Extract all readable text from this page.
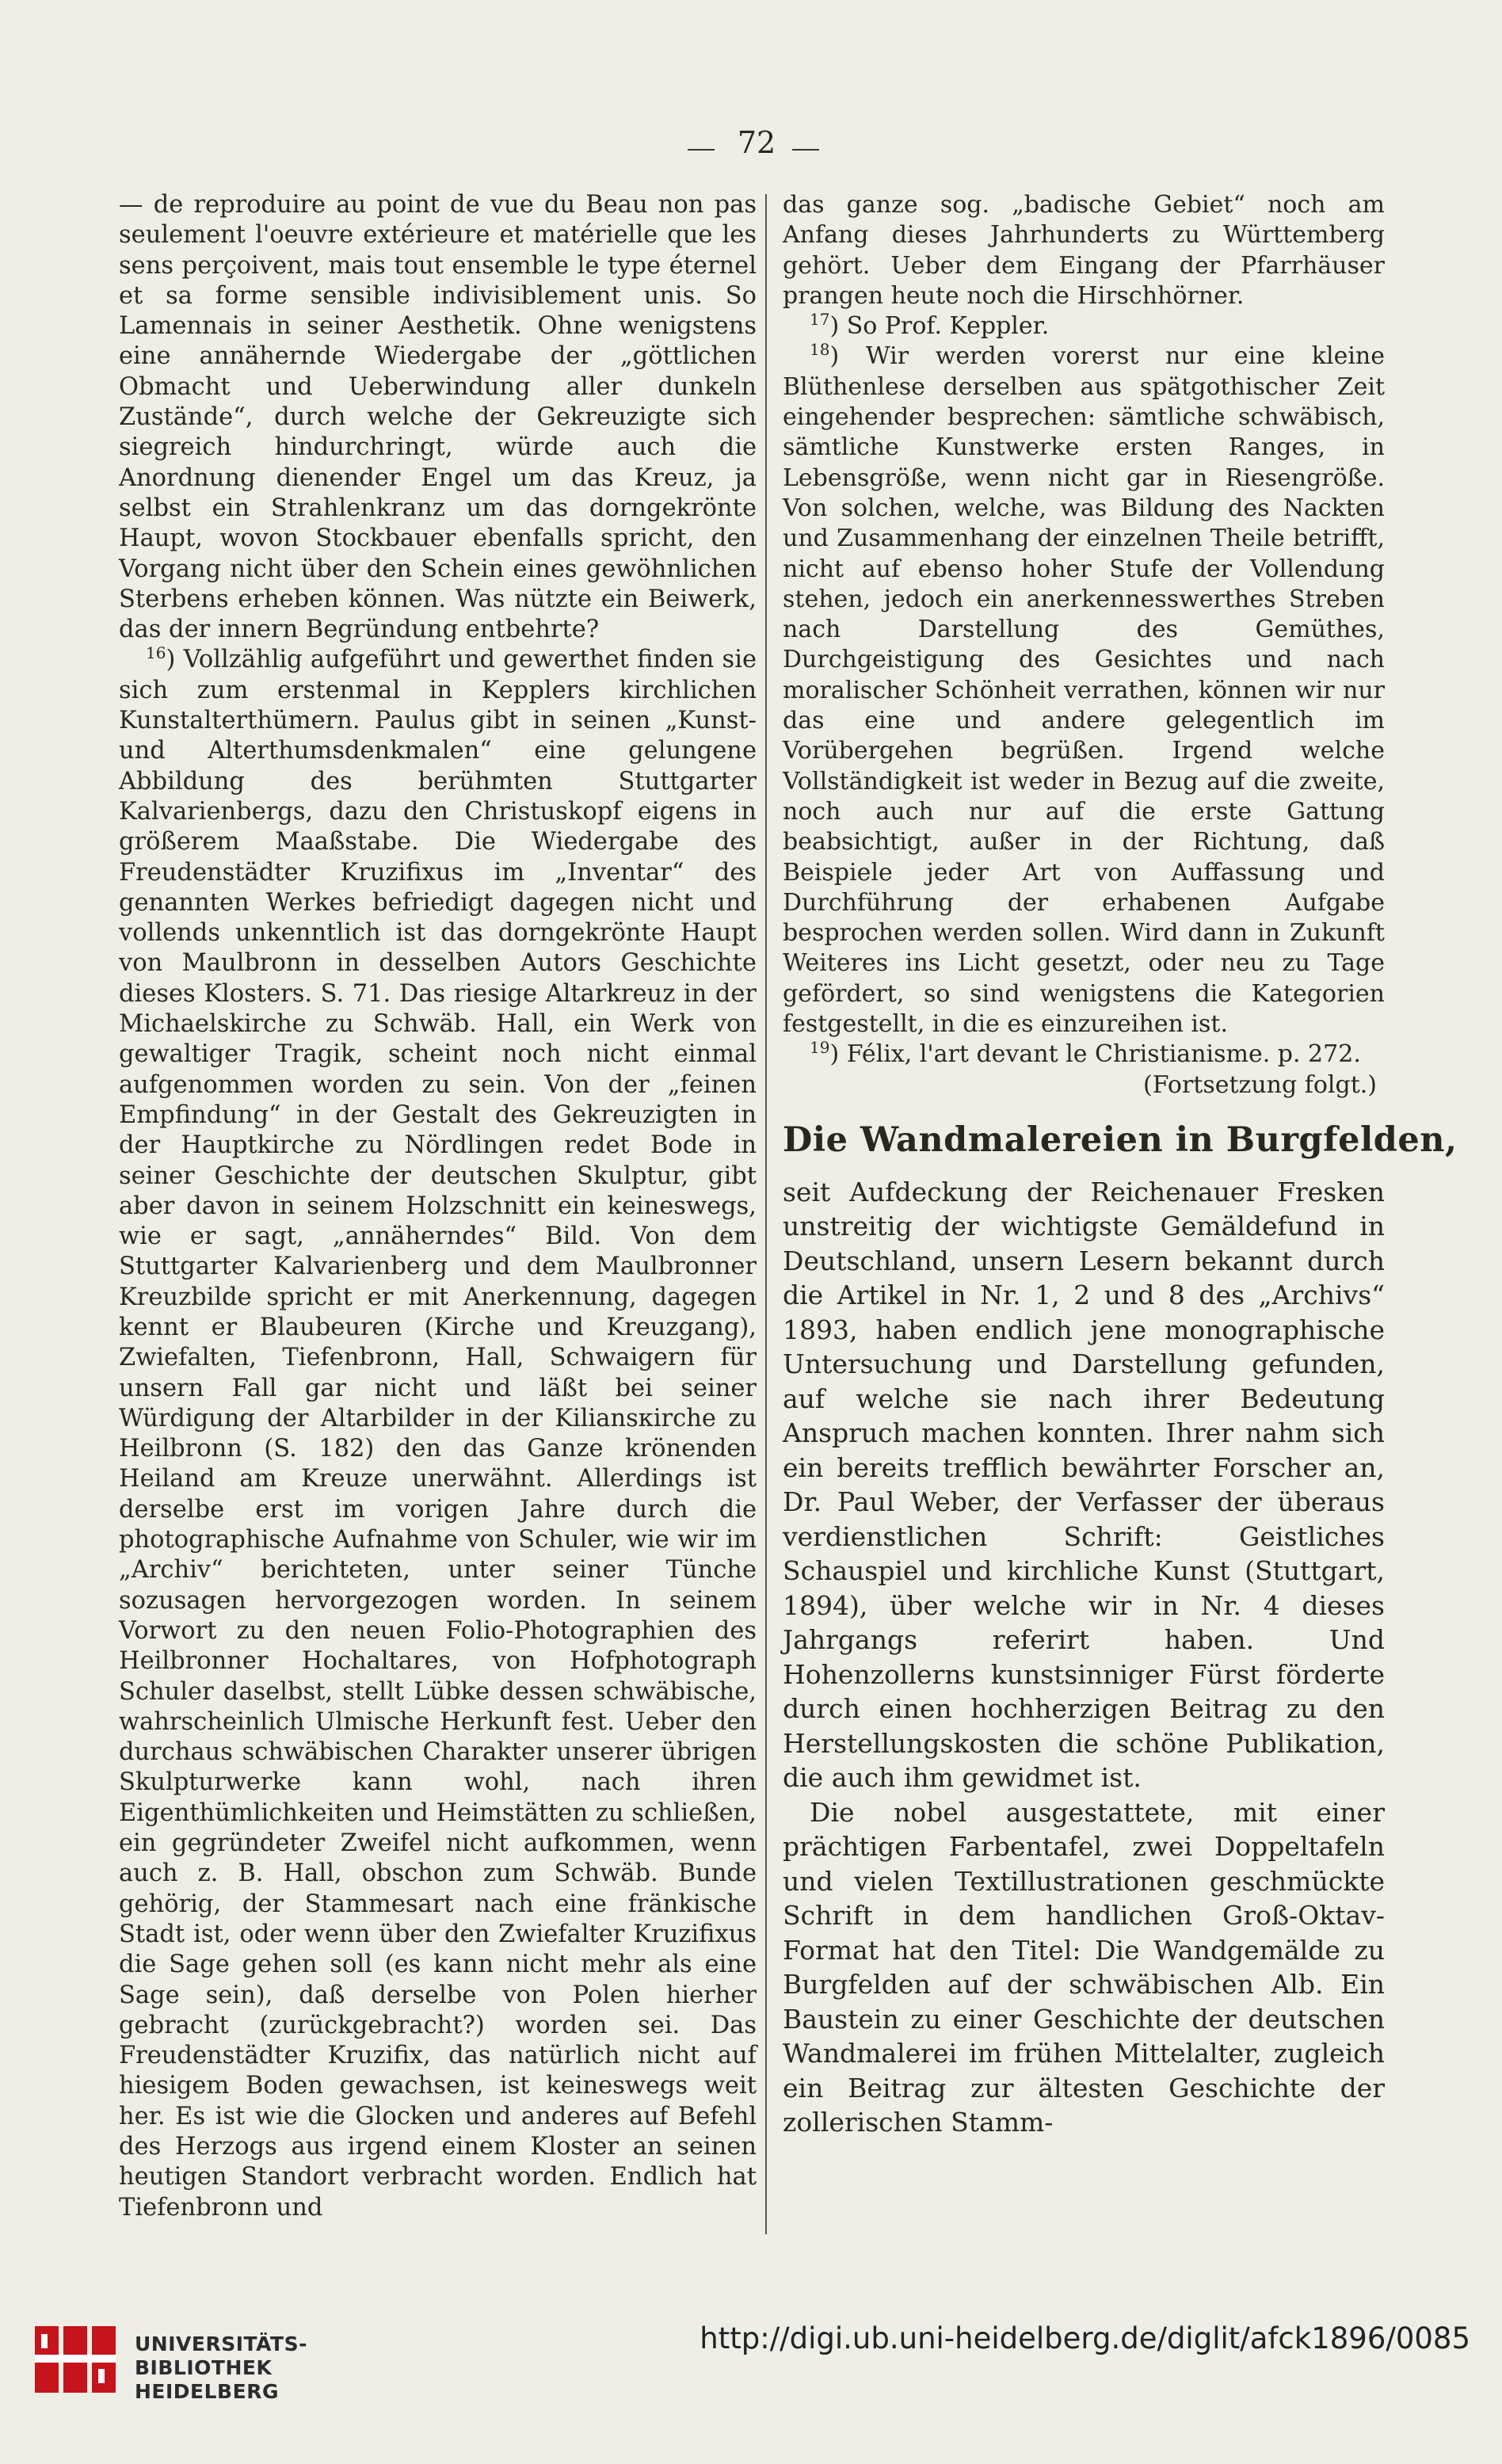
72

— de reproduire au point de vue du Beau non pas seulement l'oeuvre extérieure et matérielle que les sens perçoivent, mais tout ensemble le type éternel et sa forme sensible indivisiblement unis. So Lamennais in seiner Aesthetik. Ohne wenigstens eine annähernde Wiedergabe der „göttlichen Obmacht und Ueberwindung aller dunkeln Zustände“, durch welche der Gekreuzigte sich siegreich hindurchringt, würde auch die Anordnung dienender Engel um das Kreuz, ja selbst ein Strahlenkranz um das dorngekrönte Haupt, wovon Stockbauer ebenfalls spricht, den Vorgang nicht über den Schein eines gewöhnlichen Sterbens erheben können. Was nützte ein Beiwerk, das der innern Begründung entbehrte?

$^{16}$) Vollzählig aufgeführt und gewerthet finden sie sich zum erstenmal in Kepplers kirchlichen Kunstalterthümern. Paulus gibt in seinen „Kunst- und Alterthumsdenkmalen“ eine gelungene Abbildung des berühmten Stuttgarter Kalvarienbergs, dazu den Christuskopf eigens in größerem Maaßstabe. Die Wiedergabe des Freudenstädter Kruzifixus im „Inventar“ des genannten Werkes befriedigt dagegen nicht und vollends unkenntlich ist das dorngekrönte Haupt von Maulbronn in desselben Autors Geschichte dieses Klosters. S. 71. Das riesige Altarkreuz in der Michaelskirche zu Schwäb. Hall, ein Werk von gewaltiger Tragik, scheint noch nicht einmal aufgenommen worden zu sein. Von der „feinen Empfindung“ in der Gestalt des Gekreuzigten in der Hauptkirche zu Nördlingen redet Bode in seiner Geschichte der deutschen Skulptur, gibt aber davon in seinem Holzschnitt ein keineswegs, wie er sagt, „annäherndes“ Bild. Von dem Stuttgarter Kalvarienberg und dem Maulbronner Kreuzbilde spricht er mit Anerkennung, dagegen kennt er Blaubeuren (Kirche und Kreuzgang), Zwiefalten, Tiefenbronn, Hall, Schwaigern für unsern Fall gar nicht und läßt bei seiner Würdigung der Altarbilder in der Kiliansкirche zu Heilbronn (S. 182) den das Ganze krönenden Heiland am Kreuze unerwähnt. Allerdings ist derselbe erst im vorigen Jahre durch die photographische Aufnahme von Schuler, wie wir im „Archiv“ berichteten, unter seiner Tünche sozusagen hervorgezogen worden. In seinem Vorwort zu den neuen Folio-Photographien des Heilbronner Hochaltares, von Hofphotograph Schuler daselbst, stellt Lübke dessen schwäbische, wahrscheinlich Ulmische Herkunft fest. Ueber den durchaus schwäbischen Charakter unserer übrigen Skulpturwerke kann wohl, nach ihren Eigenthümlichkeiten und Heimstätten zu schließen, ein gegründeter Zweifel nicht aufkommen, wenn auch z. B. Hall, obschon zum Schwäb. Bunde gehörig, der Stammesart nach eine fränkische Stadt ist, oder wenn über den Zwiefalter Kruzifixus die Sage gehen soll (es kann nicht mehr als eine Sage sein), daß derselbe von Polen hierher gebracht (zurückgebracht?) worden sei. Das Freudenstädter Kruzifix, das natürlich nicht auf hiesigem Boden gewachsen, ist keineswegs weit her. Es ist wie die Glocken und anderes auf Befehl des Herzogs aus irgend einem Kloster an seinen heutigen Standort verbracht worden. Endlich hat Tiefenbronn und

das ganze sog. „badische Gebiet“ noch am Anfang dieses Jahrhunderts zu Württemberg gehört. Ueber dem Eingang der Pfarrhäuser prangen heute noch die Hirschhörner.

$^{17}$) So Prof. Keppler.

$^{18}$) Wir werden vorerst nur eine kleine Blüthenlese derselben aus spätgothischer Zeit eingehender besprechen: sämtliche schwäbisch, sämtliche Kunstwerke ersten Ranges, in Lebensgröße, wenn nicht gar in Riesengröße. Von solchen, welche, was Bildung des Nackten und Zusammenhang der einzelnen Theile betrifft, nicht auf ebenso hoher Stufe der Vollendung stehen, jedoch ein anerkennesswerthes Streben nach Darstellung des Gemüthes, Durchgeistigung des Gesichtes und nach moralischer Schönheit verrathen, können wir nur das eine und andere gelegentlich im Vorübergehen begrüßen. Irgend welche Vollständigkeit ist weder in Bezug auf die zweite, noch auch nur auf die erste Gattung beabsichtigt, außer in der Richtung, daß Beispiele jeder Art von Auffassung und Durchführung der erhabenen Aufgabe besprochen werden sollen. Wird dann in Zukunft Weiteres ins Licht gesetzt, oder neu zu Tage gefördert, so sind wenigstens die Kategorien festgestellt, in die es einzureihen ist.

$^{19}$) Félix, l'art devant le Christianisme. p. 272.

(Fortsetzung folgt.)

Die Wandmalereien in Burgfelden,

seit Aufdeckung der Reichenauer Fresken unstreitig der wichtigste Gemäldefund in Deutschland, unsern Lesern bekannt durch die Artikel in Nr. 1, 2 und 8 des „Archivs“ 1893, haben endlich jene monographische Untersuchung und Darstellung gefunden, auf welche sie nach ihrer Bedeutung Anspruch machen konnten. Ihrer nahm sich ein bereits trefflich bewährter Forscher an, Dr. Paul Weber, der Verfasser der überaus verdienstlichen Schrift: Geistliches Schauspiel und kirchliche Kunst (Stuttgart, 1894), über welche wir in Nr. 4 dieses Jahrgangs referirt haben. Und Hohenzollerns kunstsinniger Fürst förderte durch einen hochherzigen Beitrag zu den Herstellungskosten die schöne Publikation, die auch ihm gewidmet ist.

Die nobel ausgestattete, mit einer prächtigen Farbentafel, zwei Doppeltafeln und vielen Textillustrationen geschmückte Schrift in dem handlichen Groß-Oktav-Format hat den Titel: Die Wandgemälde zu Burgfelden auf der schwäbischen Alb. Ein Baustein zu einer Geschichte der deutschen Wandmalerei im frühen Mittelalter, zugleich ein Beitrag zur ältesten Geschichte der zollerischen Stamm-

UNIVERSITÄTS-
BIBLIOTHEK
HEIDELBERG
http://digi.ub.uni-heidelberg.de/diglit/afck1896/0085
